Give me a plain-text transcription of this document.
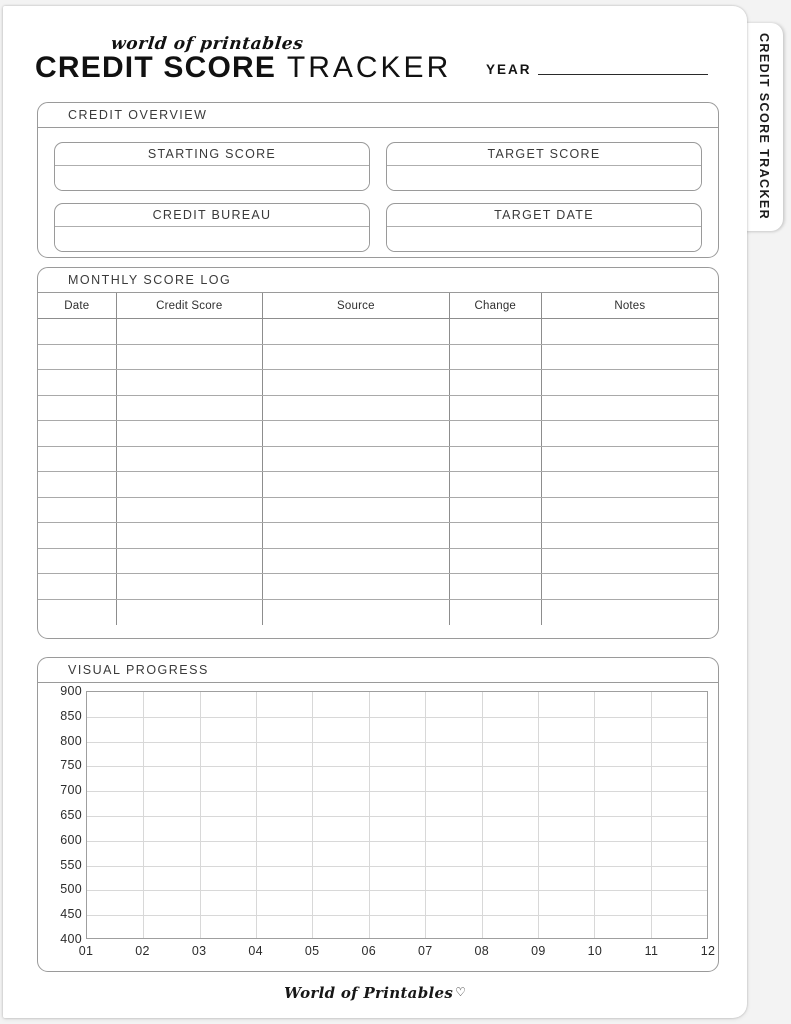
CREDIT SCORE TRACKER
world of printables
CREDIT SCORE TRACKER	YEAR
CREDIT OVERVIEW
STARTING SCORE	TARGET SCORE
CREDIT BUREAU	TARGET DATE
MONTHLY SCORE LOG
Date	Credit Score	Source	Change	Notes

VISUAL PROGRESS
900
850
800
750
700
650
600
550
500
450
400
01	02	03	04	05	06	07	08	09	10	11	12
World of Printables ♡
